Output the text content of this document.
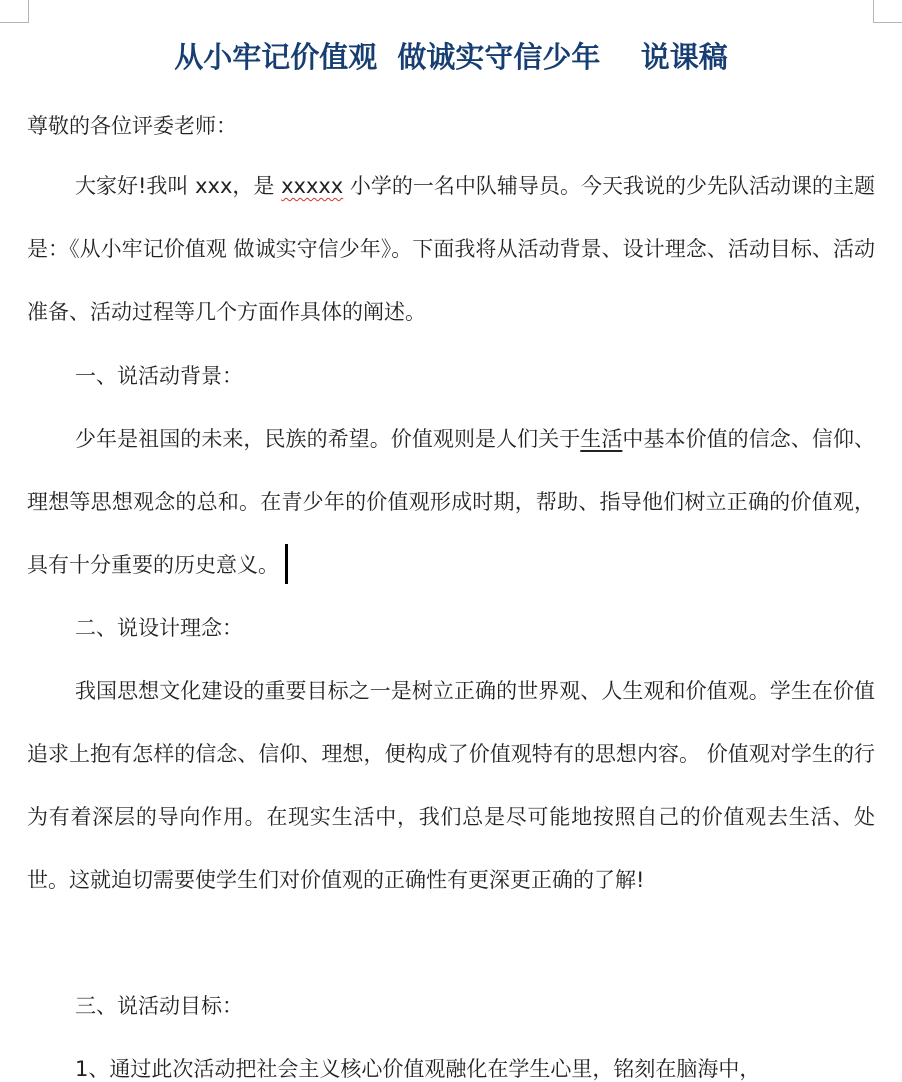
从小牢记价值观  做诚实守信少年    说课稿
尊敬的各位评委老师：
大家好!我叫 xxx，是 xxxxx 小学的一名中队辅导员。今天我说的少先队活动课的主题是：《从小牢记价值观 做诚实守信少年》。下面我将从活动背景、设计理念、活动目标、活动准备、活动过程等几个方面作具体的阐述。
一、说活动背景：
少年是祖国的未来，民族的希望。价值观则是人们关于生活中基本价值的信念、信仰、理想等思想观念的总和。在青少年的价值观形成时期，帮助、指导他们树立正确的价值观，具有十分重要的历史意义。
二、说设计理念：
我国思想文化建设的重要目标之一是树立正确的世界观、人生观和价值观。学生在价值追求上抱有怎样的信念、信仰、理想，便构成了价值观特有的思想内容。 价值观对学生的行为有着深层的导向作用。在现实生活中，我们总是尽可能地按照自己的价值观去生活、处世。这就迫切需要使学生们对价值观的正确性有更深更正确的了解!
三、说活动目标：
1、通过此次活动把社会主义核心价值观融化在学生心里，铭刻在脑海中，
